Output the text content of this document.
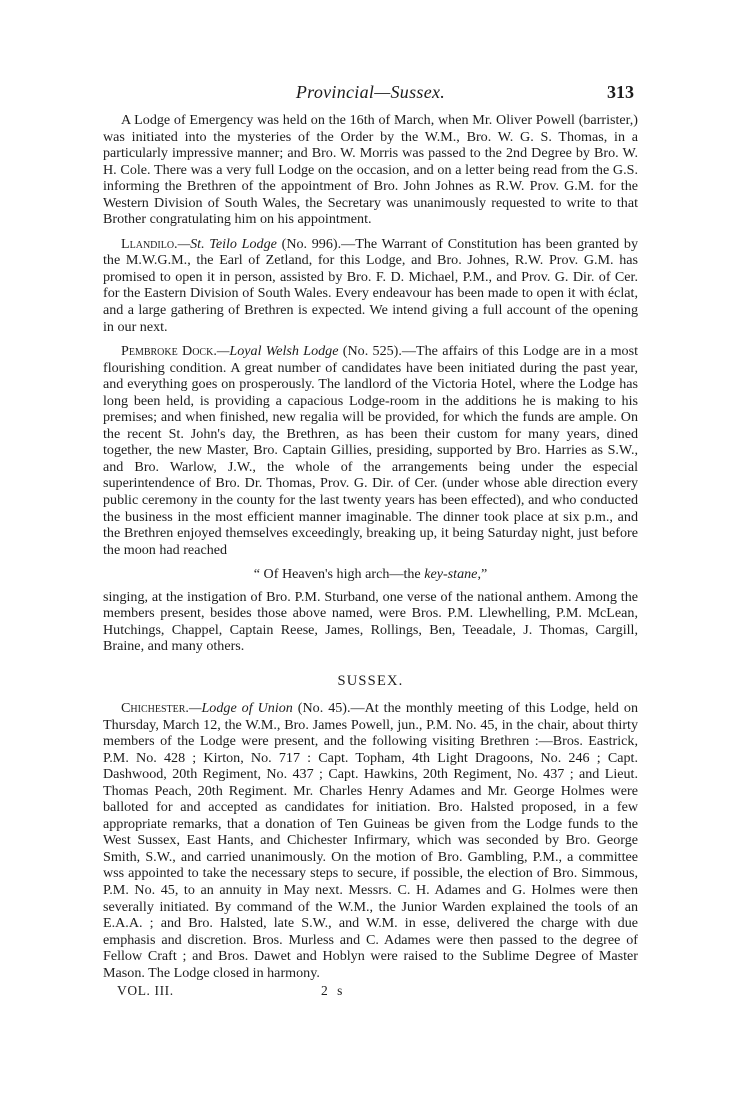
Provincial—Sussex.	313

A Lodge of Emergency was held on the 16th of March, when Mr. Oliver Powell (barrister,) was initiated into the mysteries of the Order by the W.M., Bro. W. G. S. Thomas, in a particularly impressive manner; and Bro. W. Morris was passed to the 2nd Degree by Bro. W. H. Cole. There was a very full Lodge on the occasion, and on a letter being read from the G.S. informing the Brethren of the appointment of Bro. John Johnes as R.W. Prov. G.M. for the Western Division of South Wales, the Secretary was unanimously requested to write to that Brother congratulating him on his appointment.

Llandilo.—St. Teilo Lodge (No. 996).—The Warrant of Constitution has been granted by the M.W.G.M., the Earl of Zetland, for this Lodge, and Bro. Johnes, R.W. Prov. G.M. has promised to open it in person, assisted by Bro. F. D. Michael, P.M., and Prov. G. Dir. of Cer. for the Eastern Division of South Wales. Every endeavour has been made to open it with éclat, and a large gathering of Brethren is expected. We intend giving a full account of the opening in our next.

Pembroke Dock.—Loyal Welsh Lodge (No. 525).—The affairs of this Lodge are in a most flourishing condition. A great number of candidates have been initiated during the past year, and everything goes on prosperously. The landlord of the Victoria Hotel, where the Lodge has long been held, is providing a capacious Lodge-room in the additions he is making to his premises; and when finished, new regalia will be provided, for which the funds are ample. On the recent St. John's day, the Brethren, as has been their custom for many years, dined together, the new Master, Bro. Captain Gillies, presiding, supported by Bro. Harries as S.W., and Bro. Warlow, J.W., the whole of the arrangements being under the especial superintendence of Bro. Dr. Thomas, Prov. G. Dir. of Cer. (under whose able direction every public ceremony in the county for the last twenty years has been effected), and who conducted the business in the most efficient manner imaginable. The dinner took place at six p.m., and the Brethren enjoyed themselves exceedingly, breaking up, it being Saturday night, just before the moon had reached

“ Of Heaven's high arch—the key-stane,”

singing, at the instigation of Bro. P.M. Sturband, one verse of the national anthem. Among the members present, besides those above named, were Bros. P.M. Llewhelling, P.M. McLean, Hutchings, Chappel, Captain Reese, James, Rollings, Ben, Teeadale, J. Thomas, Cargill, Braine, and many others.

SUSSEX.

Chichester.—Lodge of Union (No. 45).—At the monthly meeting of this Lodge, held on Thursday, March 12, the W.M., Bro. James Powell, jun., P.M. No. 45, in the chair, about thirty members of the Lodge were present, and the following visiting Brethren :—Bros. Eastrick, P.M. No. 428 ; Kirton, No. 717 : Capt. Topham, 4th Light Dragoons, No. 246 ; Capt. Dashwood, 20th Regiment, No. 437 ; Capt. Hawkins, 20th Regiment, No. 437 ; and Lieut. Thomas Peach, 20th Regiment. Mr. Charles Henry Adames and Mr. George Holmes were balloted for and accepted as candidates for initiation. Bro. Halsted proposed, in a few appropriate remarks, that a donation of Ten Guineas be given from the Lodge funds to the West Sussex, East Hants, and Chichester Infirmary, which was seconded by Bro. George Smith, S.W., and carried unanimously. On the motion of Bro. Gambling, P.M., a committee wss appointed to take the necessary steps to secure, if possible, the election of Bro. Simmous, P.M. No. 45, to an annuity in May next. Messrs. C. H. Adames and G. Holmes were then severally initiated. By command of the W.M., the Junior Warden explained the tools of an E.A.A. ; and Bro. Halsted, late S.W., and W.M. in esse, delivered the charge with due emphasis and discretion. Bros. Murless and C. Adames were then passed to the degree of Fellow Craft ; and Bros. Dawet and Hoblyn were raised to the Sublime Degree of Master Mason. The Lodge closed in harmony.

VOL. III.	2 s
